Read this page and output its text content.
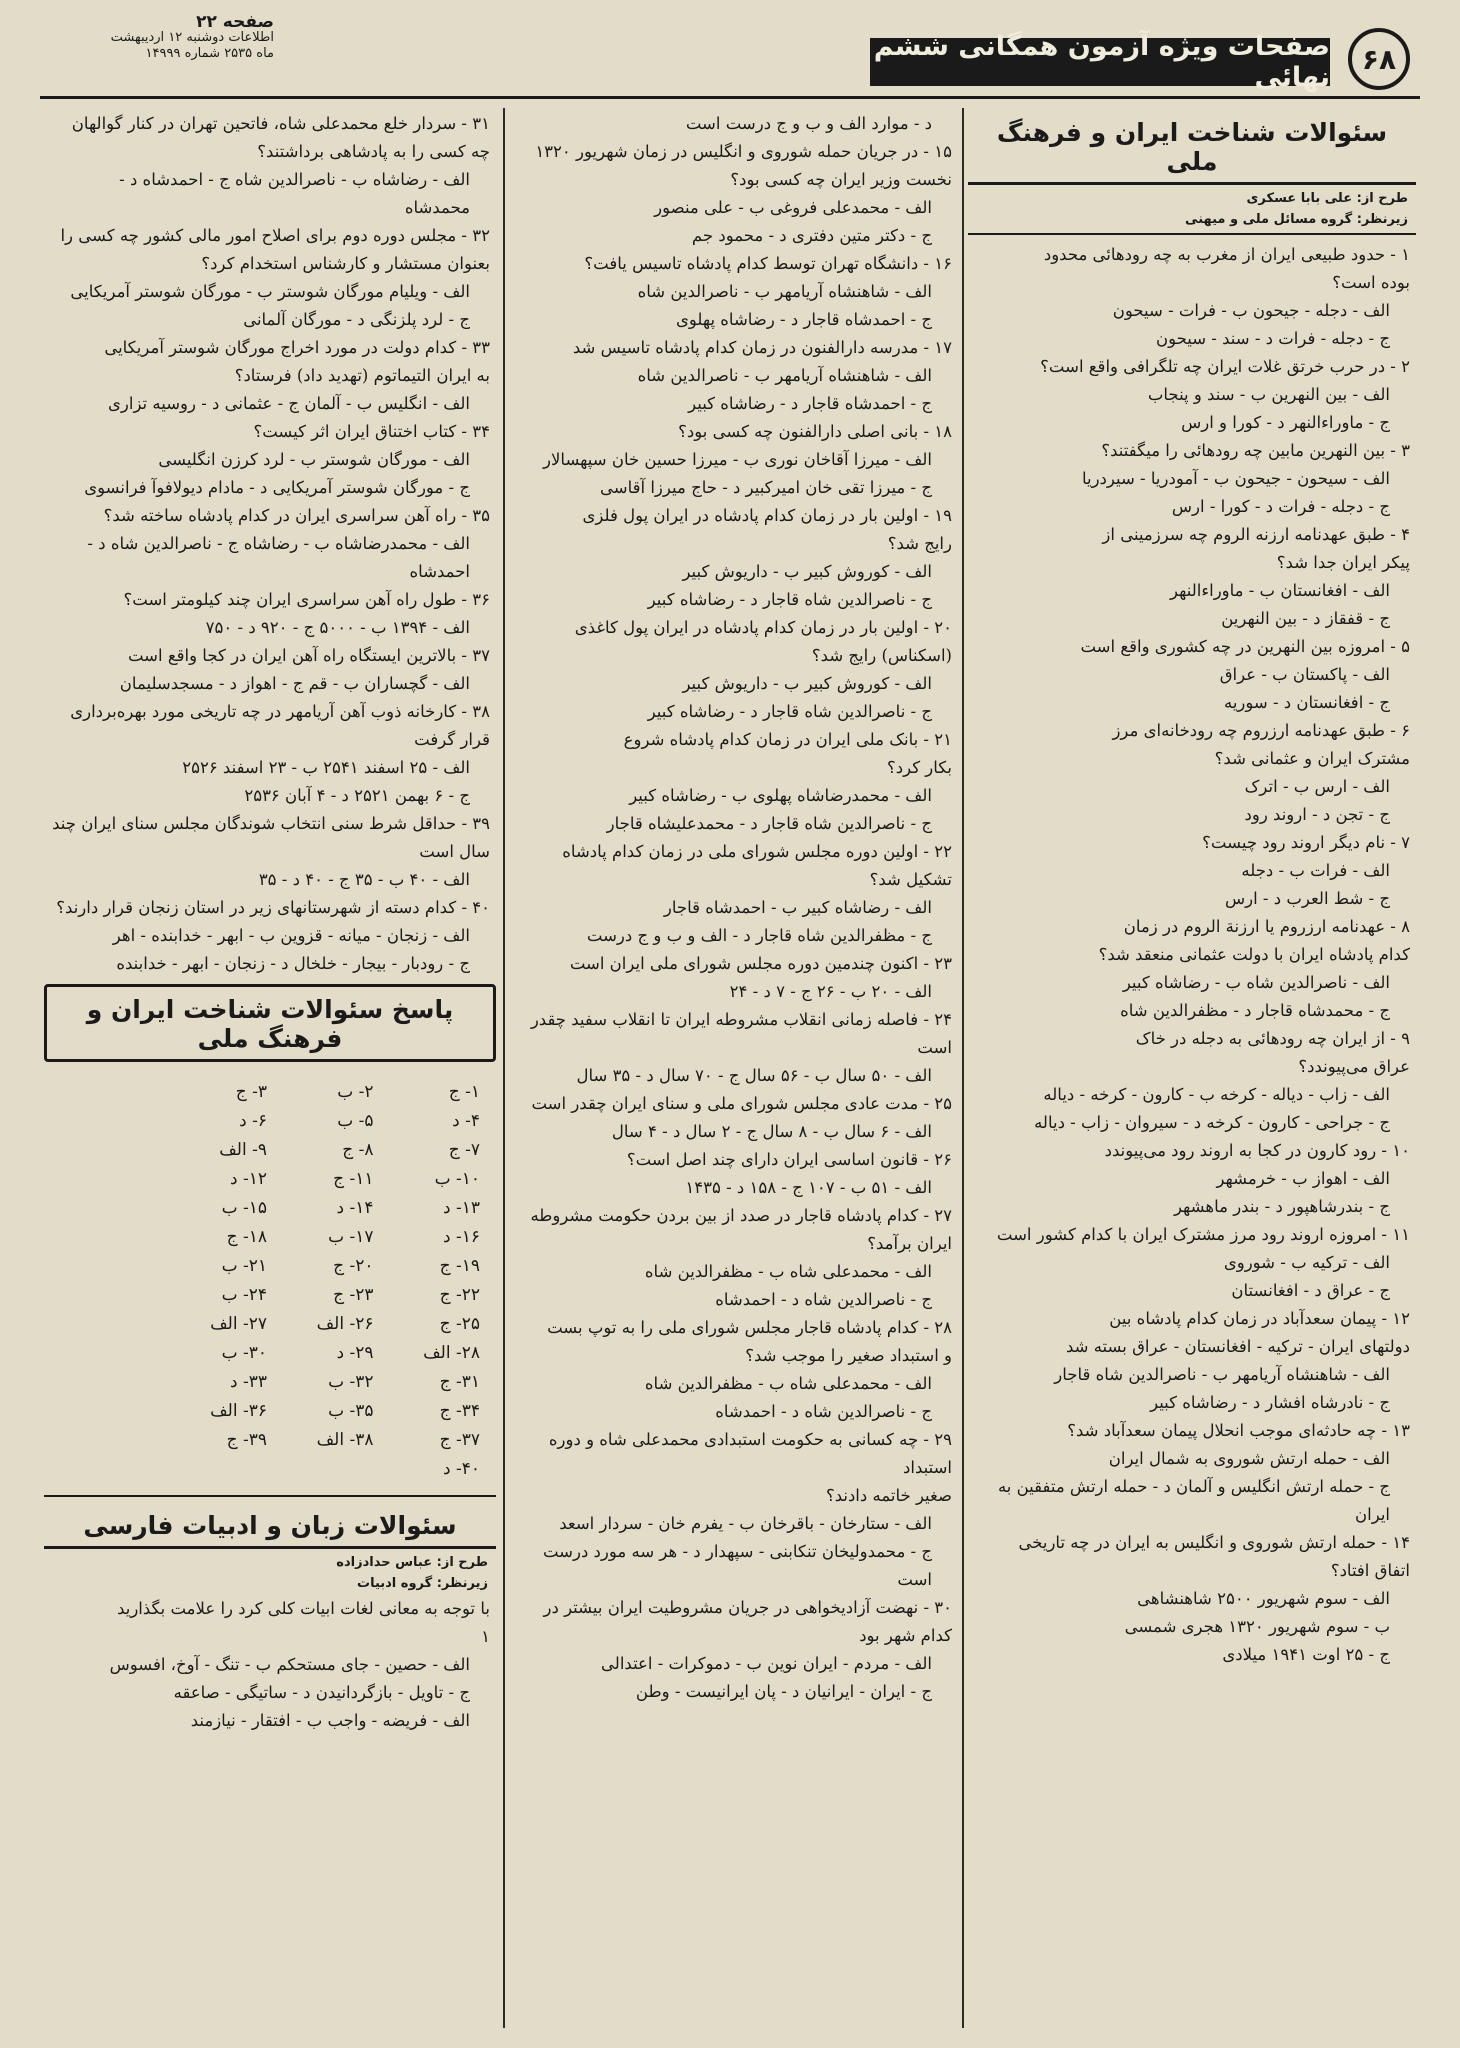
صفحه ۲۲
اطلاعات دوشنبه ۱۲ اردیبهشت
ماه ۲۵۳۵ شماره ۱۴۹۹۹	صفحات ویژه آزمون همگانی ششم نهائی
۶۸
سئوالات شناخت ایران و فرهنگ ملی
طرح از: علی بابا عسکری
زیرنظر: گروه مسائل ملی و میهنی

۱ - حدود طبیعی ایران از مغرب به چه رودهائی محدود

بوده است؟

الف - دجله - جیحون ب - فرات - سیحون

ج - دجله - فرات د - سند - سیحون

۲ - در حرب خرتق غلات ایران چه تلگرافی واقع است؟

الف - بین النهرین ب - سند و پنجاب

ج - ماوراءالنهر د - کورا و ارس

۳ - بین النهرین مابین چه رودهائی را میگفتند؟

الف - سیحون - جیحون ب - آمودریا - سیردریا

ج - دجله - فرات د - کورا - ارس

۴ - طبق عهدنامه ارزنه الروم چه سرزمینی از

پیکر ایران جدا شد؟

الف - افغانستان ب - ماوراءالنهر

ج - قفقاز د - بین النهرین

۵ - امروزه بین النهرین در چه کشوری واقع است

الف - پاکستان ب - عراق

ج - افغانستان د - سوریه

۶ - طبق عهدنامه ارزروم چه رودخانه‌ای مرز

مشترک ایران و عثمانی شد؟

الف - ارس ب - اترک

ج - تجن د - اروند رود

۷ - نام دیگر اروند رود چیست؟

الف - فرات ب - دجله

ج - شط العرب د - ارس

۸ - عهدنامه ارزروم یا ارزنة الروم در زمان

کدام پادشاه ایران با دولت عثمانی منعقد شد؟

الف - ناصرالدین شاه ب - رضاشاه کبیر

ج - محمدشاه قاجار د - مظفرالدین شاه

۹ - از ایران چه رودهائی به دجله در خاک

عراق می‌پیوندد؟

الف - زاب - دیاله - کرخه ب - کارون - کرخه - دیاله

ج - جراحی - کارون - کرخه د - سیروان - زاب - دیاله

۱۰ - رود کارون در کجا به اروند رود می‌پیوندد

الف - اهواز ب - خرمشهر

ج - بندرشاهپور د - بندر ماهشهر

۱۱ - امروزه اروند رود مرز مشترک ایران با کدام کشور است

الف - ترکیه ب - شوروی

ج - عراق د - افغانستان

۱۲ - پیمان سعدآباد در زمان کدام پادشاه بین

دولتهای ایران - ترکیه - افغانستان - عراق بسته شد

الف - شاهنشاه آریامهر ب - ناصرالدین شاه قاجار

ج - نادرشاه افشار د - رضاشاه کبیر

۱۳ - چه حادثه‌ای موجب انحلال پیمان سعدآباد شد؟

الف - حمله ارتش شوروی به شمال ایران

ج - حمله ارتش انگلیس و آلمان د - حمله ارتش متفقین به ایران

۱۴ - حمله ارتش شوروی و انگلیس به ایران در چه تاریخی

اتفاق افتاد؟

الف - سوم شهریور ۲۵۰۰ شاهنشاهی

ب - سوم شهریور ۱۳۲۰ هجری شمسی

ج - ۲۵ اوت ۱۹۴۱ میلادی

د - موارد الف و ب و ج درست است

۱۵ - در جریان حمله شوروی و انگلیس در زمان شهریور ۱۳۲۰

نخست وزیر ایران چه کسی بود؟

الف - محمدعلی فروغی ب - علی منصور

ج - دکتر متین دفتری د - محمود جم

۱۶ - دانشگاه تهران توسط کدام پادشاه تاسیس یافت؟

الف - شاهنشاه آریامهر ب - ناصرالدین شاه

ج - احمدشاه قاجار د - رضاشاه پهلوی

۱۷ - مدرسه دارالفنون در زمان کدام پادشاه تاسیس شد

الف - شاهنشاه آریامهر ب - ناصرالدین شاه

ج - احمدشاه قاجار د - رضاشاه کبیر

۱۸ - بانی اصلی دارالفنون چه کسی بود؟

الف - میرزا آقاخان نوری ب - میرزا حسین خان سپهسالار

ج - میرزا تقی خان امیرکبیر د - حاج میرزا آقاسی

۱۹ - اولین بار در زمان کدام پادشاه در ایران پول فلزی

رایج شد؟

الف - کوروش کبیر ب - داریوش کبیر

ج - ناصرالدین شاه قاجار د - رضاشاه کبیر

۲۰ - اولین بار در زمان کدام پادشاه در ایران پول کاغذی

(اسکناس) رایج شد؟

الف - کوروش کبیر ب - داریوش کبیر

ج - ناصرالدین شاه قاجار د - رضاشاه کبیر

۲۱ - بانک ملی ایران در زمان کدام پادشاه شروع

بکار کرد؟

الف - محمدرضاشاه پهلوی ب - رضاشاه کبیر

ج - ناصرالدین شاه قاجار د - محمدعلیشاه قاجار

۲۲ - اولین دوره مجلس شورای ملی در زمان کدام پادشاه

تشکیل شد؟

الف - رضاشاه کبیر ب - احمدشاه قاجار

ج - مظفرالدین شاه قاجار د - الف و ب و ج درست

۲۳ - اکنون چندمین دوره مجلس شورای ملی ایران است

الف - ۲۰ ب - ۲۶ ج - ۷ د - ۲۴

۲۴ - فاصله زمانی انقلاب مشروطه ایران تا انقلاب سفید چقدر است

الف - ۵۰ سال ب - ۵۶ سال ج - ۷۰ سال د - ۳۵ سال

۲۵ - مدت عادی مجلس شورای ملی و سنای ایران چقدر است

الف - ۶ سال ب - ۸ سال ج - ۲ سال د - ۴ سال

۲۶ - قانون اساسی ایران دارای چند اصل است؟

الف - ۵۱ ب - ۱۰۷ ج - ۱۵۸ د - ۱۴۳۵

۲۷ - کدام پادشاه قاجار در صدد از بین بردن حکومت مشروطه

ایران برآمد؟

الف - محمدعلی شاه ب - مظفرالدین شاه

ج - ناصرالدین شاه د - احمدشاه

۲۸ - کدام پادشاه قاجار مجلس شورای ملی را به توپ بست

و استبداد صغیر را موجب شد؟

الف - محمدعلی شاه ب - مظفرالدین شاه

ج - ناصرالدین شاه د - احمدشاه

۲۹ - چه کسانی به حکومت استبدادی محمدعلی شاه و دوره استبداد

صغیر خاتمه دادند؟

الف - ستارخان - باقرخان ب - یفرم خان - سردار اسعد

ج - محمدولیخان تنکابنی - سپهدار د - هر سه مورد درست است

۳۰ - نهضت آزادیخواهی در جریان مشروطیت ایران بیشتر در کدام شهر بود

الف - مردم - ایران نوین ب - دموکرات - اعتدالی

ج - ایران - ایرانیان د - پان ایرانیست - وطن

۳۱ - سردار خلع محمدعلی شاه، فاتحین تهران در کنار گوالهان

چه کسی را به پادشاهی برداشتند؟

الف - رضاشاه ب - ناصرالدین شاه ج - احمدشاه د - محمدشاه

۳۲ - مجلس دوره دوم برای اصلاح امور مالی کشور چه کسی را

بعنوان مستشار و کارشناس استخدام کرد؟

الف - ویلیام مورگان شوستر ب - مورگان شوستر آمریکایی

ج - لرد پلزنگی د - مورگان آلمانی

۳۳ - کدام دولت در مورد اخراج مورگان شوستر آمریکایی

به ایران التیماتوم (تهدید داد) فرستاد؟

الف - انگلیس ب - آلمان ج - عثمانی د - روسیه تزاری

۳۴ - کتاب اختناق ایران اثر کیست؟

الف - مورگان شوستر ب - لرد کرزن انگلیسی

ج - مورگان شوستر آمریکایی د - مادام دیولافوآ فرانسوی

۳۵ - راه آهن سراسری ایران در کدام پادشاه ساخته شد؟

الف - محمدرضاشاه ب - رضاشاه ج - ناصرالدین شاه د - احمدشاه

۳۶ - طول راه آهن سراسری ایران چند کیلومتر است؟

الف - ۱۳۹۴ ب - ۵۰۰۰ ج - ۹۲۰ د - ۷۵۰

۳۷ - بالاترین ایستگاه راه آهن ایران در کجا واقع است

الف - گچساران ب - قم ج - اهواز د - مسجدسلیمان

۳۸ - کارخانه ذوب آهن آریامهر در چه تاریخی مورد بهره‌برداری قرار گرفت

الف - ۲۵ اسفند ۲۵۴۱ ب - ۲۳ اسفند ۲۵۲۶

ج - ۶ بهمن ۲۵۲۱ د - ۴ آبان ۲۵۳۶

۳۹ - حداقل شرط سنی انتخاب شوندگان مجلس سنای ایران چند سال است

الف - ۴۰ ب - ۳۵ ج - ۴۰ د - ۳۵

۴۰ - کدام دسته از شهرستانهای زیر در استان زنجان قرار دارند؟

الف - زنجان - میانه - قزوین ب - ابهر - خدابنده - اهر

ج - رودبار - بیجار - خلخال د - زنجان - ابهر - خدابنده

پاسخ سئوالات شناخت ایران و فرهنگ ملی
۱- ج
۲- ب
۳- ج
۴- د
۵- ب
۶- د
۷- ج
۸- ج
۹- الف
۱۰- ب
۱۱- ج
۱۲- د
۱۳- د
۱۴- د
۱۵- ب
۱۶- د
۱۷- ب
۱۸- ج
۱۹- ج
۲۰- ج
۲۱- ب
۲۲- ج
۲۳- ج
۲۴- ب
۲۵- ج
۲۶- الف
۲۷- الف
۲۸- الف
۲۹- د
۳۰- ب
۳۱- ج
۳۲- ب
۳۳- د
۳۴- ج
۳۵- ب
۳۶- الف
۳۷- ج
۳۸- الف
۳۹- ج
۴۰- د
سئوالات زبان و ادبیات فارسی
طرح از: عباس حدادزاده
زیرنظر: گروه ادبیات

با توجه به معانی لغات ابیات کلی کرد را علامت بگذارید

۱

الف - حصین - جای مستحکم ب - تنگ - آوخ، افسوس

ج - تاویل - بازگردانیدن د - ساتیگی - صاعقه

الف - فریضه - واجب ب - افتقار - نیازمند
